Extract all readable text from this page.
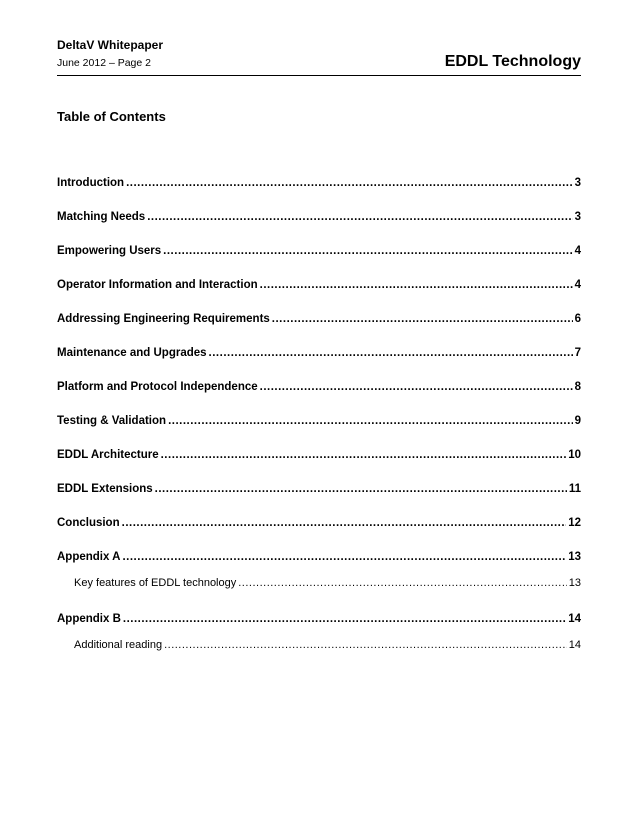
DeltaV Whitepaper
June 2012 – Page 2	EDDL Technology
Table of Contents
Introduction .....	3
Matching Needs .....	3
Empowering Users .....	4
Operator Information and Interaction .....	4
Addressing Engineering Requirements .....	6
Maintenance and Upgrades .....	7
Platform and Protocol Independence .....	8
Testing & Validation .....	9
EDDL Architecture .....	10
EDDL Extensions .....	11
Conclusion .....	12
Appendix A .....	13
Key features of EDDL technology .....	13
Appendix B .....	14
Additional reading .....	14
